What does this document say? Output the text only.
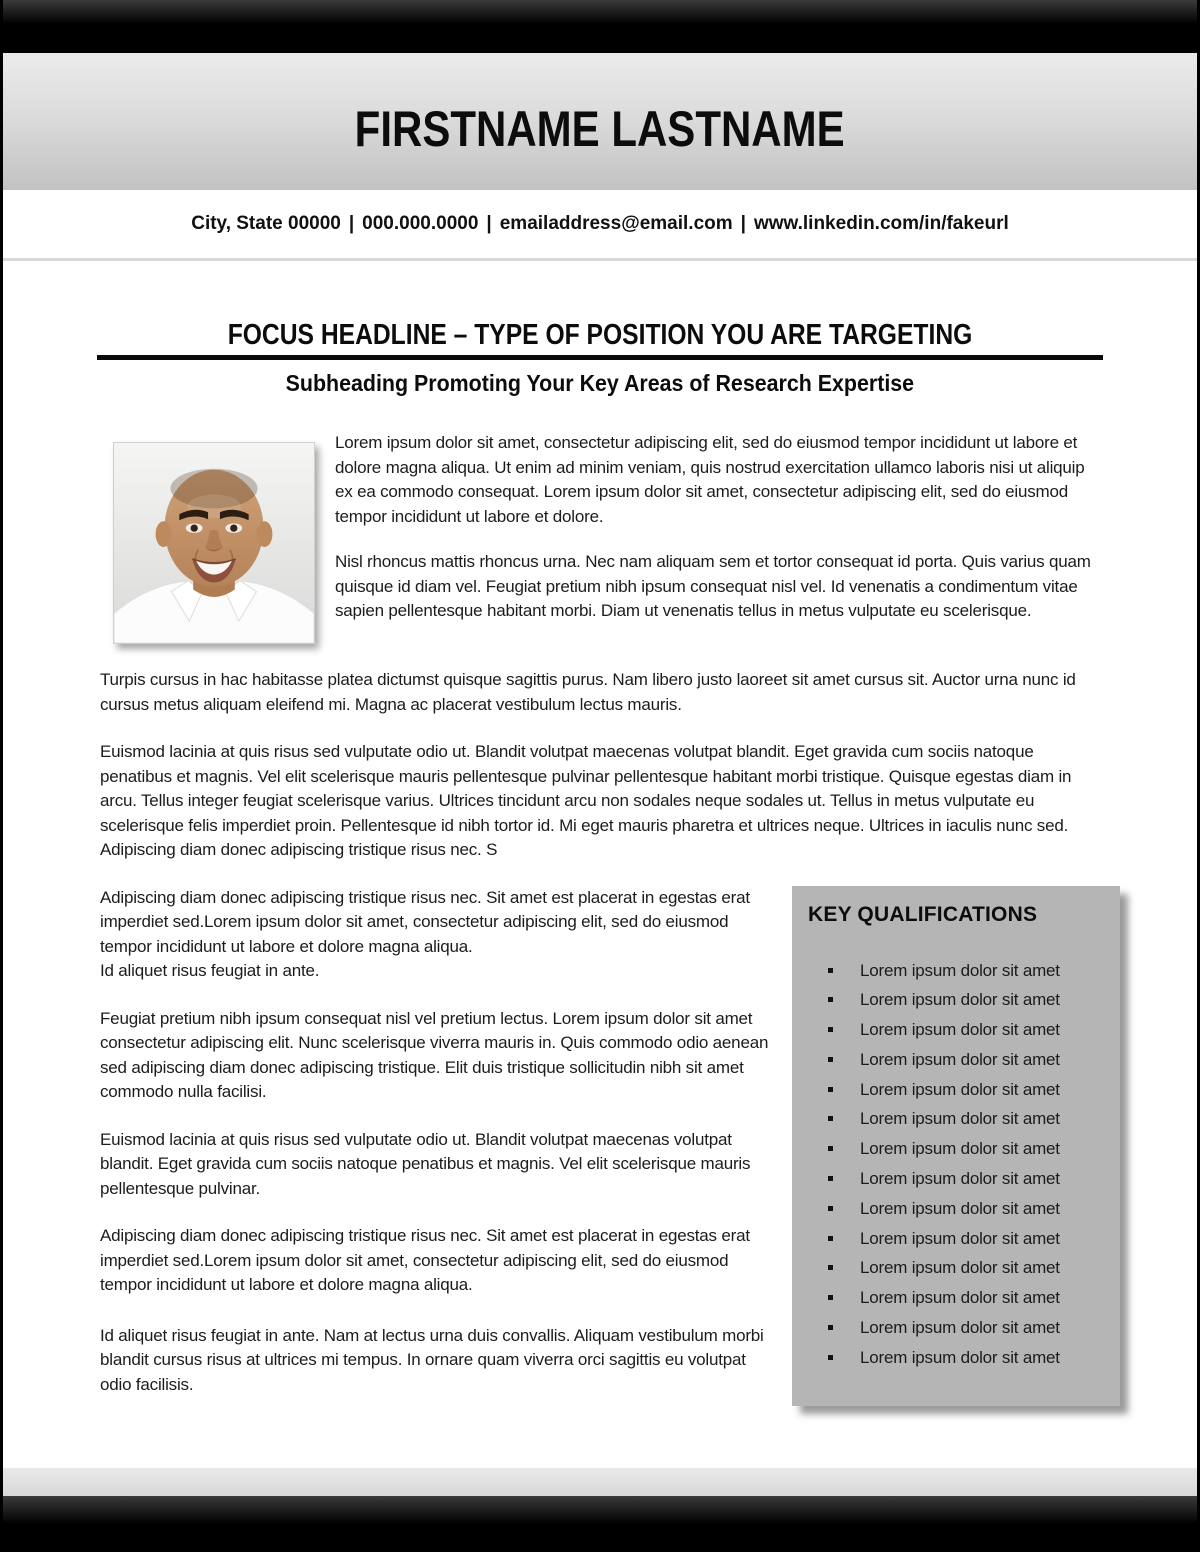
FIRSTNAME LASTNAME
City, State 00000 | 000.000.0000 | emailaddress@email.com | www.linkedin.com/in/fakeurl
FOCUS HEADLINE – TYPE OF POSITION YOU ARE TARGETING
Subheading Promoting Your Key Areas of Research Expertise

Lorem ipsum dolor sit amet, consectetur adipiscing elit, sed do eiusmod tempor incididunt ut labore et dolore magna aliqua. Ut enim ad minim veniam, quis nostrud exercitation ullamco laboris nisi ut aliquip ex ea commodo consequat. Lorem ipsum dolor sit amet, consectetur adipiscing elit, sed do eiusmod tempor incididunt ut labore et dolore.

Nisl rhoncus mattis rhoncus urna. Nec nam aliquam sem et tortor consequat id porta. Quis varius quam quisque id diam vel. Feugiat pretium nibh ipsum consequat nisl vel. Id venenatis a condimentum vitae sapien pellentesque habitant morbi. Diam ut venenatis tellus in metus vulputate eu scelerisque.

Turpis cursus in hac habitasse platea dictumst quisque sagittis purus. Nam libero justo laoreet sit amet cursus sit. Auctor urna nunc id cursus metus aliquam eleifend mi. Magna ac placerat vestibulum lectus mauris.

Euismod lacinia at quis risus sed vulputate odio ut. Blandit volutpat maecenas volutpat blandit. Eget gravida cum sociis natoque penatibus et magnis. Vel elit scelerisque mauris pellentesque pulvinar pellentesque habitant morbi tristique. Quisque egestas diam in arcu. Tellus integer feugiat scelerisque varius. Ultrices tincidunt arcu non sodales neque sodales ut. Tellus in metus vulputate eu scelerisque felis imperdiet proin. Pellentesque id nibh tortor id. Mi eget mauris pharetra et ultrices neque. Ultrices in iaculis nunc sed. Adipiscing diam donec adipiscing tristique risus nec. S

Adipiscing diam donec adipiscing tristique risus nec. Sit amet est placerat in egestas erat imperdiet sed.Lorem ipsum dolor sit amet, consectetur adipiscing elit, sed do eiusmod tempor incididunt ut labore et dolore magna aliqua.
Id aliquet risus feugiat in ante.

Feugiat pretium nibh ipsum consequat nisl vel pretium lectus. Lorem ipsum dolor sit amet consectetur adipiscing elit. Nunc scelerisque viverra mauris in. Quis commodo odio aenean sed adipiscing diam donec adipiscing tristique. Elit duis tristique sollicitudin nibh sit amet commodo nulla facilisi.

Euismod lacinia at quis risus sed vulputate odio ut. Blandit volutpat maecenas volutpat blandit. Eget gravida cum sociis natoque penatibus et magnis. Vel elit scelerisque mauris pellentesque pulvinar.

Adipiscing diam donec adipiscing tristique risus nec. Sit amet est placerat in egestas erat imperdiet sed.Lorem ipsum dolor sit amet, consectetur adipiscing elit, sed do eiusmod tempor incididunt ut labore et dolore magna aliqua.

Id aliquet risus feugiat in ante. Nam at lectus urna duis convallis. Aliquam vestibulum morbi blandit cursus risus at ultrices mi tempus. In ornare quam viverra orci sagittis eu volutpat odio facilisis.

KEY QUALIFICATIONS
Lorem ipsum dolor sit amet
Lorem ipsum dolor sit amet
Lorem ipsum dolor sit amet
Lorem ipsum dolor sit amet
Lorem ipsum dolor sit amet
Lorem ipsum dolor sit amet
Lorem ipsum dolor sit amet
Lorem ipsum dolor sit amet
Lorem ipsum dolor sit amet
Lorem ipsum dolor sit amet
Lorem ipsum dolor sit amet
Lorem ipsum dolor sit amet
Lorem ipsum dolor sit amet
Lorem ipsum dolor sit amet
